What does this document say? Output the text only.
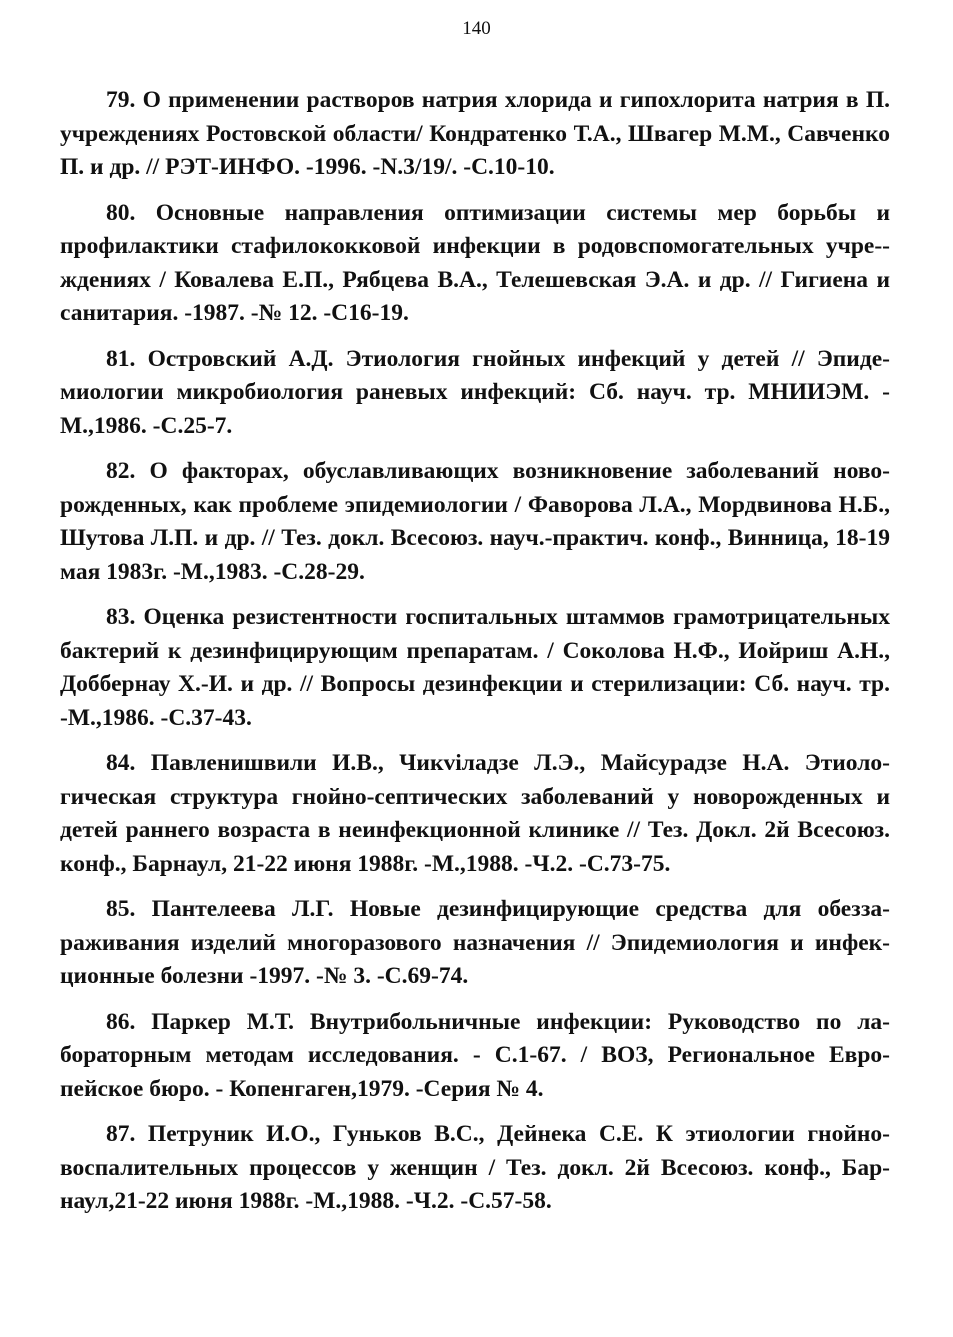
140

79. О применении растворов натрия хлорида и гипохлорита натрия в П. учреждениях Ростовской области/ Кондратенко Т.А., Швагер М.М., Савченко П. и др. // РЭТ-ИНФО. -1996. -N.3/19/. -С.10-10.

80. Основные направления оптимизации системы мер борьбы и профилактики стафилококковой инфекции в родовспомогательных учре-ждениях / Ковалева Е.П., Рябцева В.А., Телешевская Э.А. и др. // Гигиена и санитария. -1987. -№ 12. -С16-19.

81. Островский А.Д. Этиология гнойных инфекций у детей // Эпидемиологии микробиология раневых инфекций: Сб. науч. тр. МНИИЭМ. - М.,1986. -С.25-7.

82. О факторах, обуславливающих возникновение заболеваний новорожденных, как проблеме эпидемиологии / Фаворова Л.А., Мордвинова Н.Б., Шутова Л.П. и др. // Тез. докл. Всесоюз. науч.-практич. конф., Винница, 18-19 мая 1983г. -М.,1983. -С.28-29.

83. Оценка резистентности госпитальных штаммов грамотрицательных бактерий к дезинфицирующим препаратам. / Соколова Н.Ф., Иойриш А.Н., Доббернау Х.-И. и др. // Вопросы дезинфекции и стерилизации: Сб. науч. тр. -М.,1986. -С.37-43.

84. Павленишвили И.В., Чикviладзе Л.Э., Майсурадзе Н.А. Этиологическая структура гнойно-септических заболеваний у новорожденных и детей раннего возраста в неинфекционной клинике // Тез. Докл. 2й Всесоюз. конф., Барнаул, 21-22 июня 1988г. -М.,1988. -Ч.2. -С.73-75.

85. Пантелеева Л.Г. Новые дезинфицирующие средства для обеззараживания изделий многоразового назначения // Эпидемиология и инфекционные болезни -1997. -№ 3. -С.69-74.

86. Паркер М.Т. Внутрибольничные инфекции: Руководство по лабораторным методам исследования. - С.1-67. / ВОЗ, Региональное Европейское бюро. - Копенгаген,1979. -Серия № 4.

87. Петруник И.О., Гуньков В.С., Дейнека С.Е. К этиологии гнойновоспалительных процессов у женщин / Тез. докл. 2й Всесоюз. конф., Барнаул,21-22 июня 1988г. -М.,1988. -Ч.2. -С.57-58.
